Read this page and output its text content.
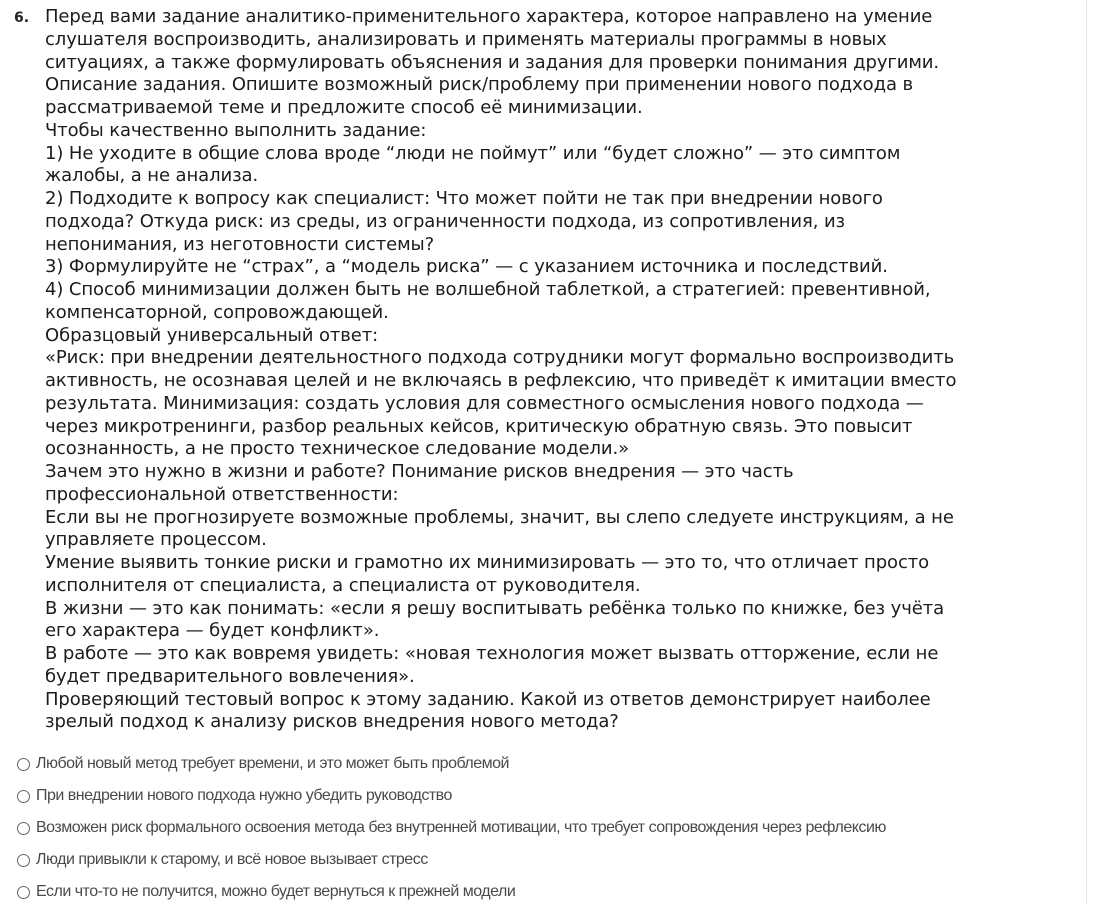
6. Перед вами задание аналитико-применительного характера, которое направлено на умение
слушателя воспроизводить, анализировать и применять материалы программы в новых
ситуациях, а также формулировать объяснения и задания для проверки понимания другими.
Описание задания. Опишите возможный риск/проблему при применении нового подхода в
рассматриваемой теме и предложите способ её минимизации.
Чтобы качественно выполнить задание:
1) Не уходите в общие слова вроде “люди не поймут” или “будет сложно” — это симптом
жалобы, а не анализа.
2) Подходите к вопросу как специалист: Что может пойти не так при внедрении нового
подхода? Откуда риск: из среды, из ограниченности подхода, из сопротивления, из
непонимания, из неготовности системы?
3) Формулируйте не “страх”, а “модель риска” — с указанием источника и последствий.
4) Способ минимизации должен быть не волшебной таблеткой, а стратегией: превентивной,
компенсаторной, сопровождающей.
Образцовый универсальный ответ:
«Риск: при внедрении деятельностного подхода сотрудники могут формально воспроизводить
активность, не осознавая целей и не включаясь в рефлексию, что приведёт к имитации вместо
результата. Минимизация: создать условия для совместного осмысления нового подхода —
через микротренинги, разбор реальных кейсов, критическую обратную связь. Это повысит
осознанность, а не просто техническое следование модели.»
Зачем это нужно в жизни и работе? Понимание рисков внедрения — это часть
профессиональной ответственности:
Если вы не прогнозируете возможные проблемы, значит, вы слепо следуете инструкциям, а не
управляете процессом.
Умение выявить тонкие риски и грамотно их минимизировать — это то, что отличает просто
исполнителя от специалиста, а специалиста от руководителя.
В жизни — это как понимать: «если я решу воспитывать ребёнка только по книжке, без учёта
его характера — будет конфликт».
В работе — это как вовремя увидеть: «новая технология может вызвать отторжение, если не
будет предварительного вовлечения».
Проверяющий тестовый вопрос к этому заданию. Какой из ответов демонстрирует наиболее
зрелый подход к анализу рисков внедрения нового метода?
Любой новый метод требует времени, и это может быть проблемой
При внедрении нового подхода нужно убедить руководство
Возможен риск формального освоения метода без внутренней мотивации, что требует сопровождения через рефлексию
Люди привыкли к старому, и всё новое вызывает стресс
Если что-то не получится, можно будет вернуться к прежней модели
